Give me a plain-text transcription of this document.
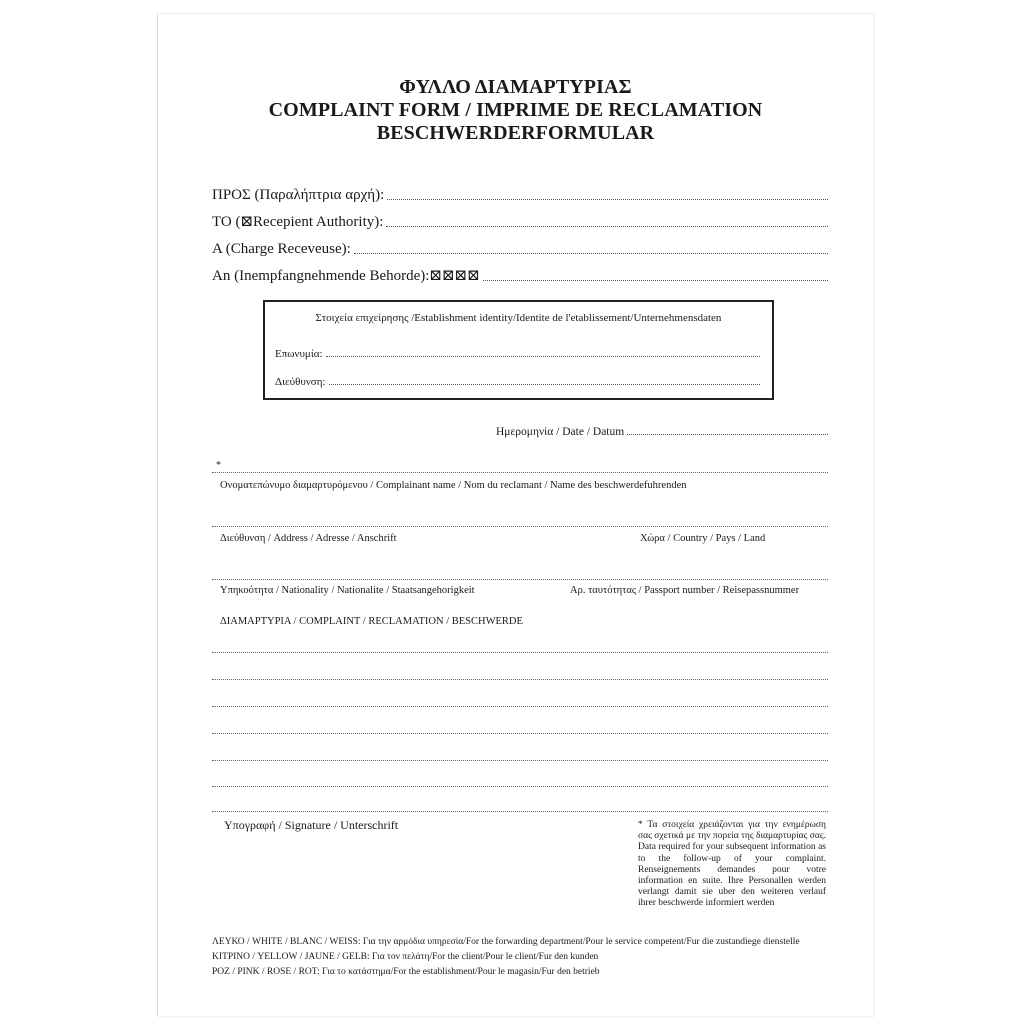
ΦΥΛΛΟ ΔΙΑΜΑΡΤΥΡΙΑΣ
COMPLAINT FORM / IMPRIME DE RECLAMATION
BESCHWERDERFORMULAR
ΠΡΟΣ (Παραλήπτρια αρχή):
TO (⊠Recepient Authority):
A (Charge Receveuse):
An (Inempfangnehmende Behorde):⊠⊠⊠⊠
Στοιχεία επιχείρησης /Establishment identity/Identite de l'etablissement/Unternehmensdaten
Επωνυμία:
Διεύθυνση:
Ημερομηνία / Date / Datum
*
Ονοματεπώνυμο διαμαρτυρόμενου / Complainant name / Nom du reclamant / Name des beschwerdefuhrenden
Διεύθυνση / Address / Adresse / Anschrift	Χώρα / Country / Pays / Land
Υπηκοότητα / Nationality / Nationalite / Staatsangehorigkeit	Αρ. ταυτότητας / Passport number / Reisepassnummer
ΔΙΑΜΑΡΤΥΡΙΑ / COMPLAINT / RECLAMATION / BESCHWERDE
Υπογραφή / Signature / Unterschrift	* Τα στοιχεία χρειάζονται για την ενημέρωση σας σχετικά με την πορεία της διαμαρτυρίας σας. Data required for your subsequent information as to the follow-up of your complaint. Renseignements demandes pour votre information en suite. Ihre Personallen werden verlangt damit sie uber den weiteren verlauf ihrer beschwerde informiert werden
ΛΕΥΚΟ / WHITE / BLANC / WEISS: Για την αρμόδια υπηρεσία/For the forwarding department/Pour le service competent/Fur die zustandiege dienstelle
ΚΙΤΡΙΝΟ / YELLOW / JAUNE / GELB: Για τον πελάτη/For the client/Pour le client/Fur den kunden
ΡΟΖ / PINK / ROSE / ROT: Για το κατάστημα/For the establishment/Pour le magasin/Fur den betrieb
